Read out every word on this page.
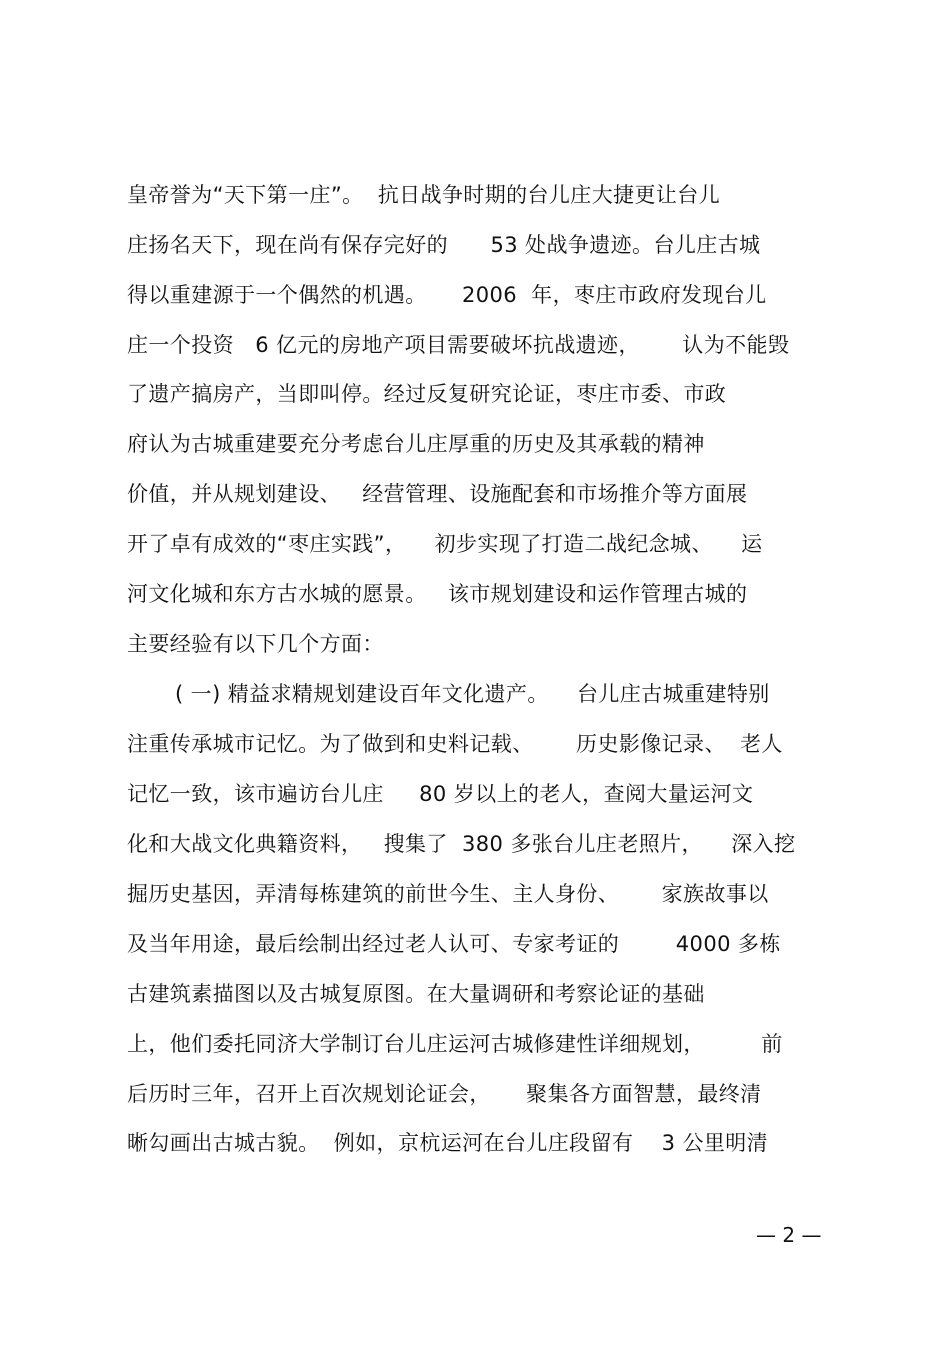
皇帝誉为“天下第一庄”。  抗日战争时期的台儿庄大捷更让台儿
庄扬名天下，现在尚有保存完好的      53 处战争遗迹。台儿庄古城
得以重建源于一个偶然的机遇。     2006  年，枣庄市政府发现台儿
庄一个投资   6 亿元的房地产项目需要破坏抗战遗迹，      认为不能毁
了遗产搞房产，当即叫停。经过反复研究论证，枣庄市委、市政
府认为古城重建要充分考虑台儿庄厚重的历史及其承载的精神
价值，并从规划建设、   经营管理、设施配套和市场推介等方面展
开了卓有成效的“枣庄实践”，    初步实现了打造二战纪念城、    运
河文化城和东方古水城的愿景。   该市规划建设和运作管理古城的
主要经验有以下几个方面：
( 一) 精益求精规划建设百年文化遗产。    台儿庄古城重建特别
注重传承城市记忆。为了做到和史料记载、      历史影像记录、  老人
记忆一致，该市遍访台儿庄     80 岁以上的老人，查阅大量运河文
化和大战文化典籍资料，   搜集了  380 多张台儿庄老照片，    深入挖
掘历史基因，弄清每栋建筑的前世今生、主人身份、      家族故事以
及当年用途，最后绘制出经过老人认可、专家考证的        4000 多栋
古建筑素描图以及古城复原图。在大量调研和考察论证的基础
上，他们委托同济大学制订台儿庄运河古城修建性详细规划，        前
后历时三年，召开上百次规划论证会，     聚集各方面智慧，最终清
晰勾画出古城古貌。  例如，京杭运河在台儿庄段留有    3 公里明清
— 2 —
